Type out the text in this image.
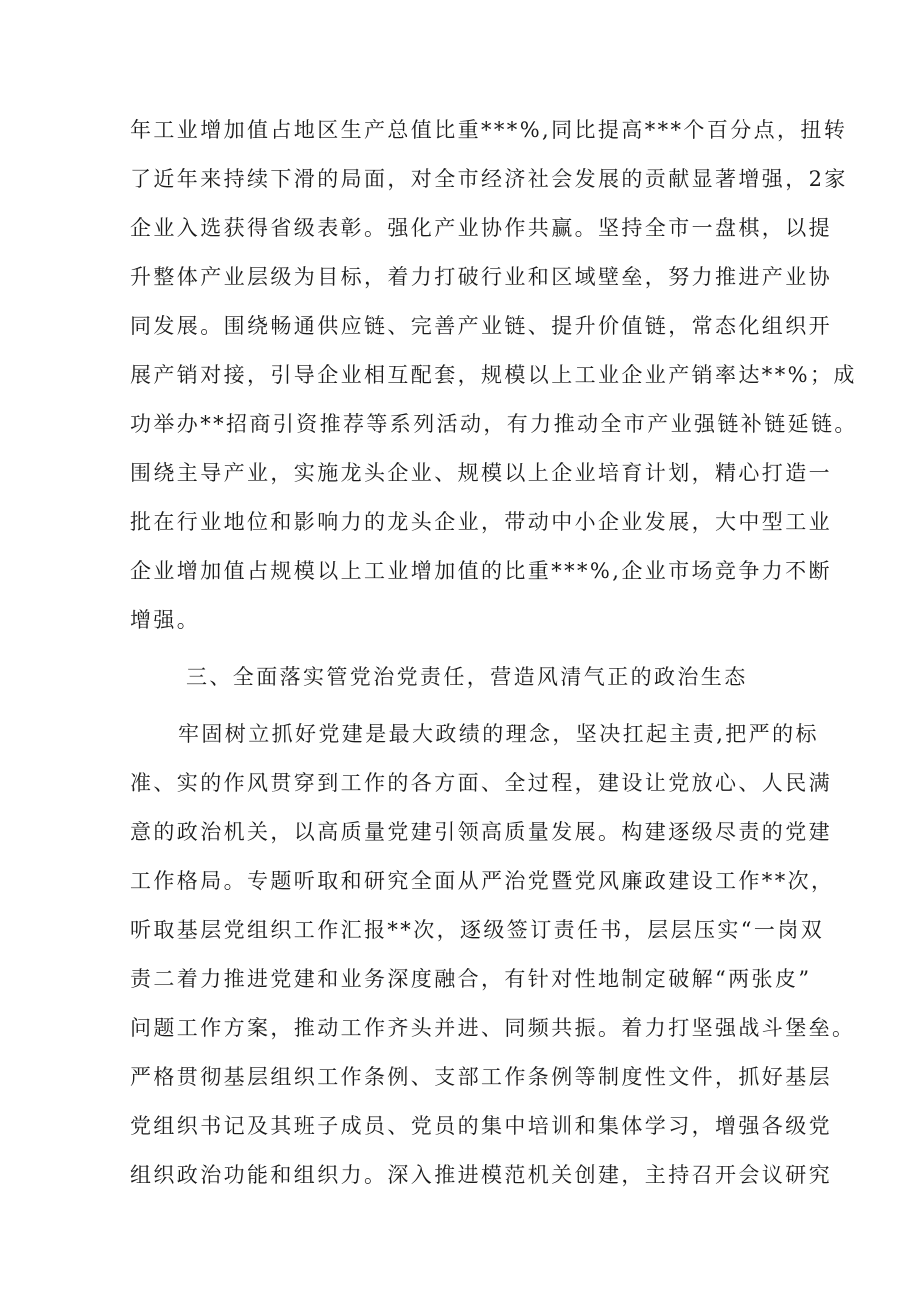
年工业增加值占地区生产总值比重***%,同比提高***个百分点，扭转

了近年来持续下滑的局面，对全市经济社会发展的贡献显著增强，2家

企业入选获得省级表彰。强化产业协作共赢。坚持全市一盘棋，以提

升整体产业层级为目标，着力打破行业和区域壁垒，努力推进产业协

同发展。围绕畅通供应链、完善产业链、提升价值链，常态化组织开

展产销对接，引导企业相互配套，规模以上工业企业产销率达**%；成

功举办**招商引资推荐等系列活动，有力推动全市产业强链补链延链。

围绕主导产业，实施龙头企业、规模以上企业培育计划，精心打造一

批在行业地位和影响力的龙头企业，带动中小企业发展，大中型工业

企业增加值占规模以上工业增加值的比重***%,企业市场竞争力不断

增强。

三、全面落实管党治党责任，营造风清气正的政治生态

牢固树立抓好党建是最大政绩的理念，坚决扛起主责,把严的标

准、实的作风贯穿到工作的各方面、全过程，建设让党放心、人民满

意的政治机关，以高质量党建引领高质量发展。构建逐级尽责的党建

工作格局。专题听取和研究全面从严治党暨党风廉政建设工作**次，

听取基层党组织工作汇报**次，逐级签订责任书，层层压实“一岗双

责二着力推进党建和业务深度融合，有针对性地制定破解“两张皮”

问题工作方案，推动工作齐头并进、同频共振。着力打坚强战斗堡垒。

严格贯彻基层组织工作条例、支部工作条例等制度性文件，抓好基层

党组织书记及其班子成员、党员的集中培训和集体学习，增强各级党

组织政治功能和组织力。深入推进模范机关创建，主持召开会议研究
